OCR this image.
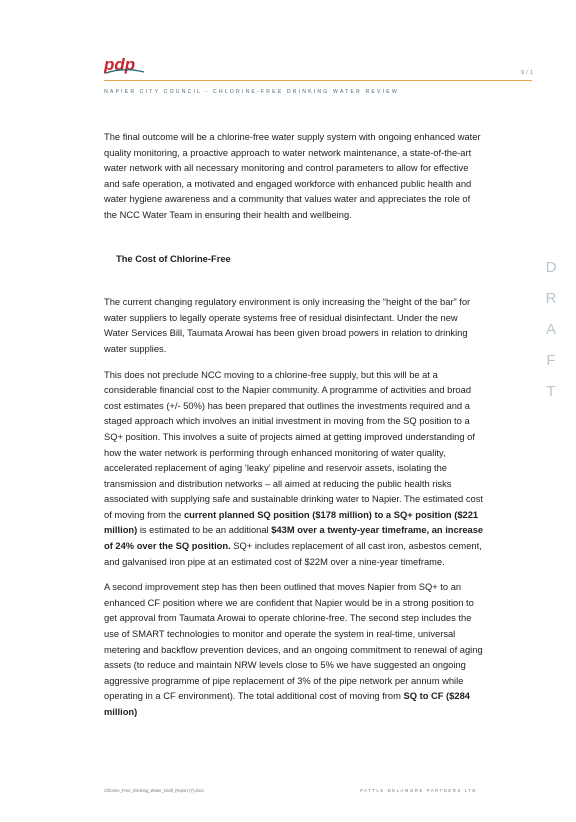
pdp	9 / 1
NAPIER CITY COUNCIL - CHLORINE-FREE DRINKING WATER REVIEW

The final outcome will be a chlorine-free water supply system with ongoing enhanced water quality monitoring, a proactive approach to water network maintenance, a state-of-the-art water network with all necessary monitoring and control parameters to allow for effective and safe operation, a motivated and engaged workforce with enhanced public health and water hygiene awareness and a community that values water and appreciates the role of the NCC Water Team in ensuring their health and wellbeing.

The Cost of Chlorine-Free

The current changing regulatory environment is only increasing the “height of the bar” for water suppliers to legally operate systems free of residual disinfectant. Under the new Water Services Bill, Taumata Arowai has been given broad powers in relation to drinking water supplies.

This does not preclude NCC moving to a chlorine-free supply, but this will be at a considerable financial cost to the Napier community. A programme of activities and broad cost estimates (+/- 50%) has been prepared that outlines the investments required and a staged approach which involves an initial investment in moving from the SQ position to a SQ+ position. This involves a suite of projects aimed at getting improved understanding of how the water network is performing through enhanced monitoring of water quality, accelerated replacement of aging ‘leaky’ pipeline and reservoir assets, isolating the transmission and distribution networks – all aimed at reducing the public health risks associated with supplying safe and sustainable drinking water to Napier. The estimated cost of moving from the current planned SQ position ($178 million) to a SQ+ position ($221 million) is estimated to be an additional $43M over a twenty-year timeframe, an increase of 24% over the SQ position. SQ+ includes replacement of all cast iron, asbestos cement, and galvanised iron pipe at an estimated cost of $22M over a nine-year timeframe.

A second improvement step has then been outlined that moves Napier from SQ+ to an enhanced CF position where we are confident that Napier would be in a strong position to get approval from Taumata Arowai to operate chlorine-free. The second step includes the use of SMART technologies to monitor and operate the system in real-time, universal metering and backflow prevention devices, and an ongoing commitment to renewal of aging assets (to reduce and maintain NRW levels close to 5% we have suggested an ongoing aggressive programme of pipe replacement of 3% of the pipe network per annum while operating in a CF environment). The total additional cost of moving from SQ to CF ($284 million)

D
R
A
F
T
Chlorine_Free_Drinking_Water_Draft_Report (7).docx	PATTLE DELAMORE PARTNERS LTD
